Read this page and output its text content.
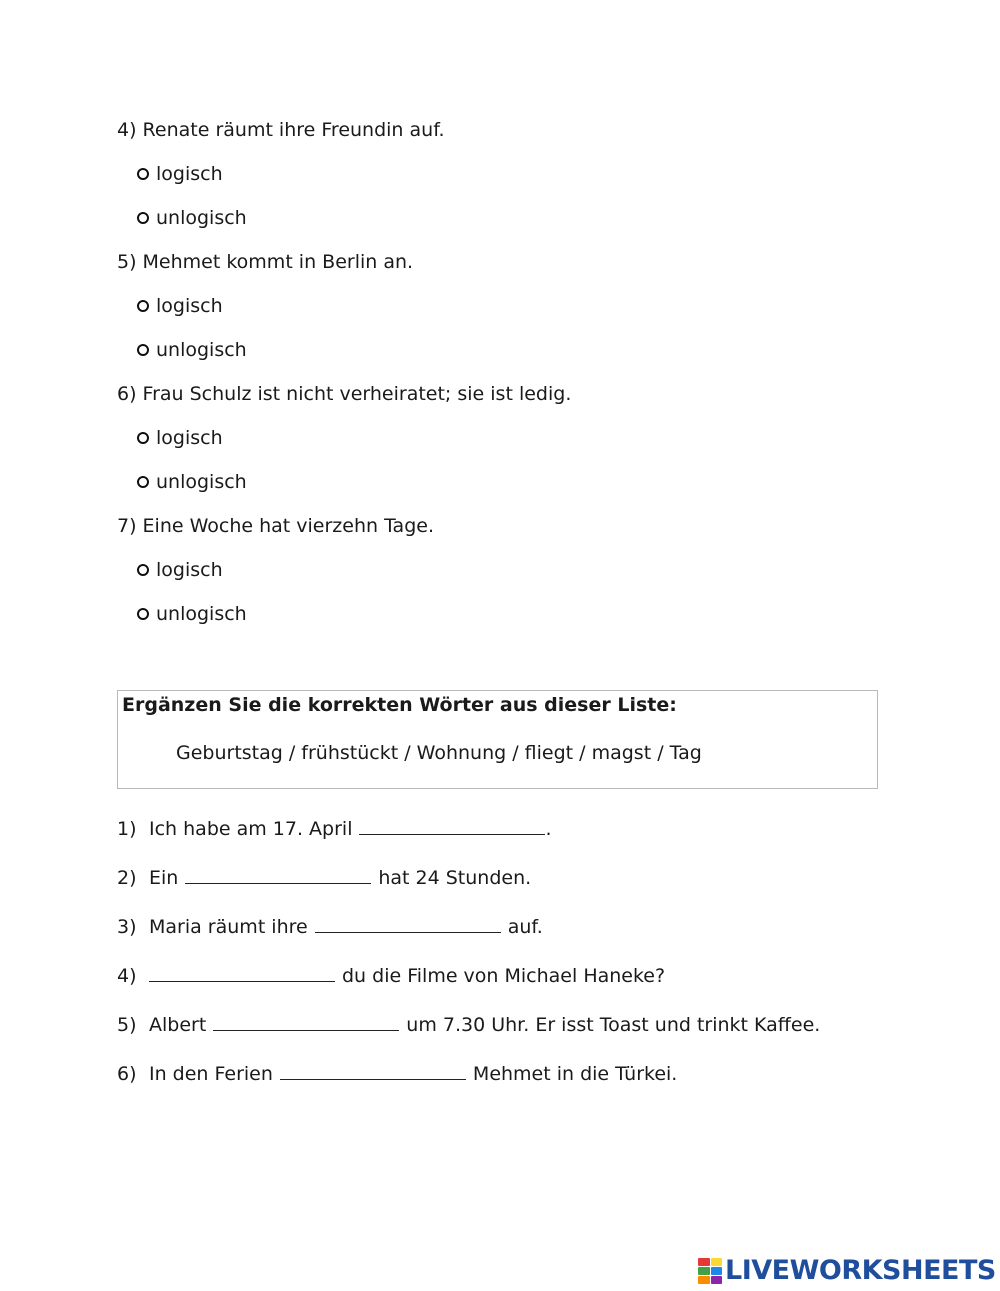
4) Renate räumt ihre Freundin auf.
logisch
unlogisch
5) Mehmet kommt in Berlin an.
logisch
unlogisch
6) Frau Schulz ist nicht verheiratet; sie ist ledig.
logisch
unlogisch
7) Eine Woche hat vierzehn Tage.
logisch
unlogisch
Ergänzen Sie die korrekten Wörter aus dieser Liste:
Geburtstag / frühstückt / Wohnung / fliegt / magst / Tag
1) Ich habe am 17. April	.
2) Ein	hat 24 Stunden.
3) Maria räumt ihre	auf.
4)	du die Filme von Michael Haneke?
5) Albert	um 7.30 Uhr. Er isst Toast und trinkt Kaffee.
6) In den Ferien	Mehmet in die Türkei.
LIVEWORKSHEETS
